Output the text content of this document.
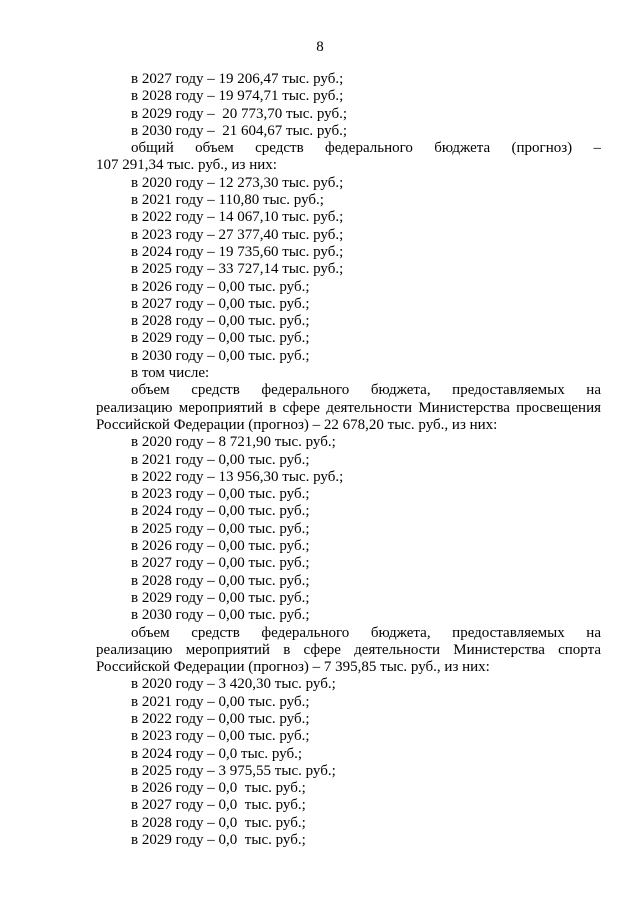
8
в 2027 году – 19 206,47 тыс. руб.;
в 2028 году – 19 974,71 тыс. руб.;
в 2029 году –  20 773,70 тыс. руб.;
в 2030 году –  21 604,67 тыс. руб.;
общий объем средств федерального бюджета (прогноз) –
107 291,34 тыс. руб., из них:
в 2020 году – 12 273,30 тыс. руб.;
в 2021 году – 110,80 тыс. руб.;
в 2022 году – 14 067,10 тыс. руб.;
в 2023 году – 27 377,40 тыс. руб.;
в 2024 году – 19 735,60 тыс. руб.;
в 2025 году – 33 727,14 тыс. руб.;
в 2026 году – 0,00 тыс. руб.;
в 2027 году – 0,00 тыс. руб.;
в 2028 году – 0,00 тыс. руб.;
в 2029 году – 0,00 тыс. руб.;
в 2030 году – 0,00 тыс. руб.;
в том числе:
объем средств федерального бюджета, предоставляемых на
реализацию мероприятий в сфере деятельности Министерства просвещения
Российской Федерации (прогноз) – 22 678,20 тыс. руб., из них:
в 2020 году – 8 721,90 тыс. руб.;
в 2021 году – 0,00 тыс. руб.;
в 2022 году – 13 956,30 тыс. руб.;
в 2023 году – 0,00 тыс. руб.;
в 2024 году – 0,00 тыс. руб.;
в 2025 году – 0,00 тыс. руб.;
в 2026 году – 0,00 тыс. руб.;
в 2027 году – 0,00 тыс. руб.;
в 2028 году – 0,00 тыс. руб.;
в 2029 году – 0,00 тыс. руб.;
в 2030 году – 0,00 тыс. руб.;
объем средств федерального бюджета, предоставляемых на
реализацию мероприятий в сфере деятельности Министерства спорта
Российской Федерации (прогноз) – 7 395,85 тыс. руб., из них:
в 2020 году – 3 420,30 тыс. руб.;
в 2021 году – 0,00 тыс. руб.;
в 2022 году – 0,00 тыс. руб.;
в 2023 году – 0,00 тыс. руб.;
в 2024 году – 0,0 тыс. руб.;
в 2025 году – 3 975,55 тыс. руб.;
в 2026 году – 0,0  тыс. руб.;
в 2027 году – 0,0  тыс. руб.;
в 2028 году – 0,0  тыс. руб.;
в 2029 году – 0,0  тыс. руб.;
